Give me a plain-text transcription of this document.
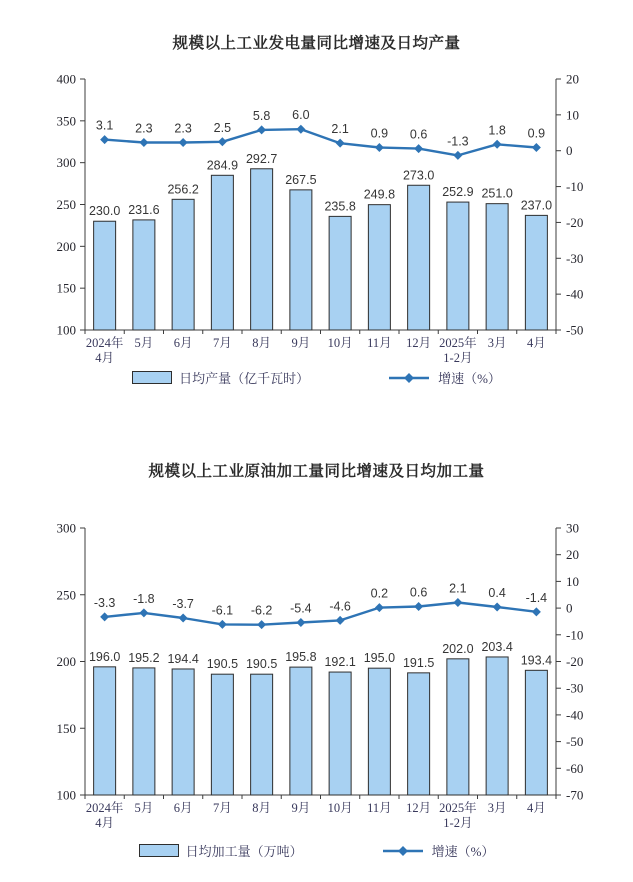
规模以上工业发电量同比增速及日均产量
400
350
300
250
200
150
100
20
10
0
-10
-20
-30
-40
-50
2024年 4月
5月 6月 7月 8月 9月 10月 11月 12月 2025年 1-2月
3月 4月
230.0 231.6
256.2
284.9 292.7
267.5
235.8
249.8
273.0
252.9 251.0
237.0
3.1 2.3 2.3 2.5
5.8 6.0
2.1 0.9 0.6 -1.3
1.8 0.9
日均产量（亿千瓦时）	增速（%）
规模以上工业原油加工量同比增速及日均加工量
300
250
200
150
100
30
20
10
0
-10
-20
-30
-40
-50
-60
-70
2024年 4月
5月 6月 7月 8月 9月 10月 11月 12月 2025年 1-2月
3月 4月
196.0 195.2 194.4 190.5 190.5
195.8 192.1 195.0 191.5
202.0 203.4
193.4
-3.3 -1.8 -3.7 -6.1 -6.2 -5.4 -4.6
0.2 0.6 2.1 0.4 -1.4
日均加工量（万吨）	增速（%）
